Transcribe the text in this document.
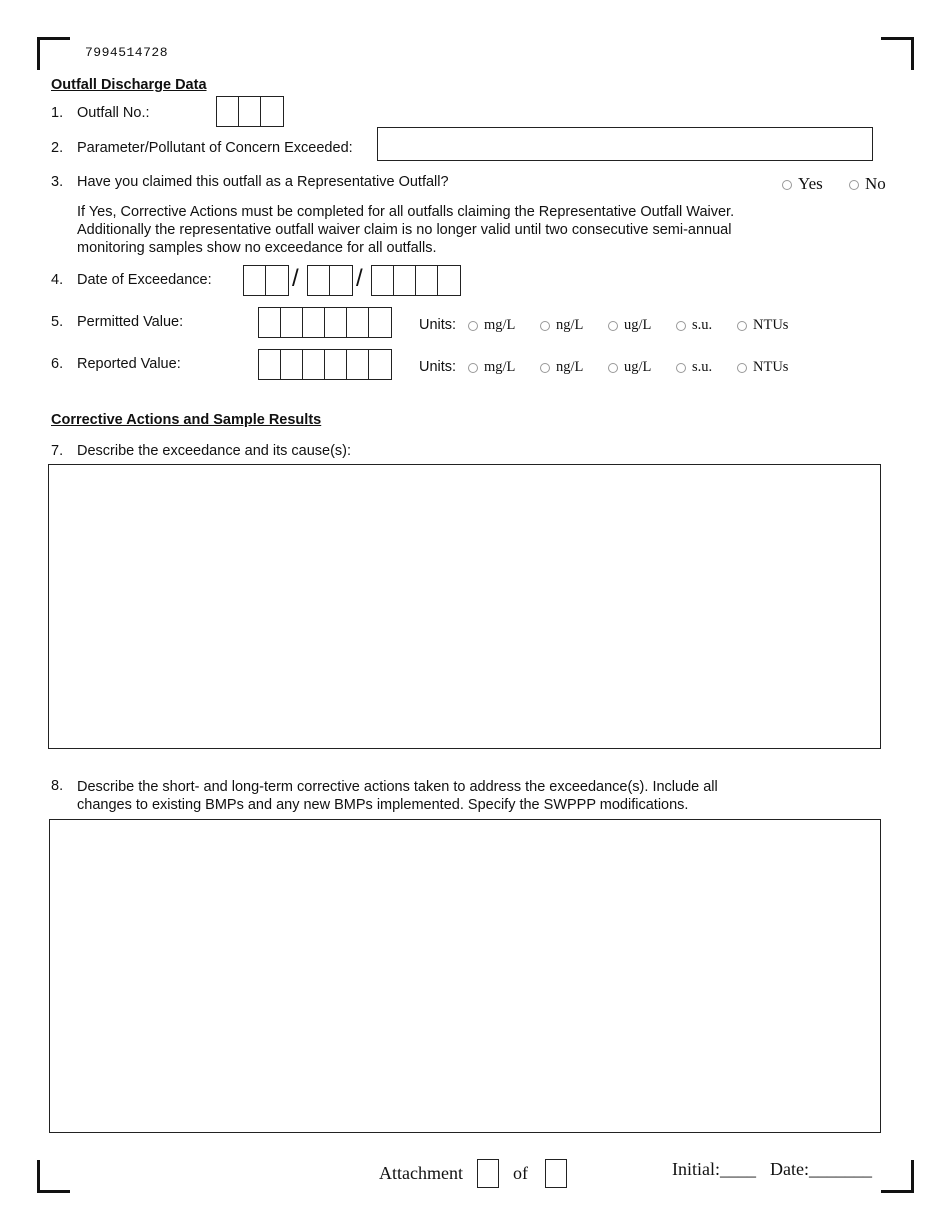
7994514728
Outfall Discharge Data
1. Outfall No.:
2. Parameter/Pollutant of Concern Exceeded:
3. Have you claimed this outfall as a Representative Outfall?	Yes	No
If Yes, Corrective Actions must be completed for all outfalls claiming the Representative Outfall Waiver.
Additionally the representative outfall waiver claim is no longer valid until two consecutive semi-annual
monitoring samples show no exceedance for all outfalls.
4. Date of Exceedance:	/ /
5. Permitted Value:	Units:	mg/L	ng/L	ug/L	s.u.	NTUs
6. Reported Value:	Units:	mg/L	ng/L	ug/L	s.u.	NTUs
Corrective Actions and Sample Results
7. Describe the exceedance and its cause(s):
8. Describe the short- and long-term corrective actions taken to address the exceedance(s). Include all
changes to existing BMPs and any new BMPs implemented. Specify the SWPPP modifications.
Attachment	of	Initial:____ Date:_______
